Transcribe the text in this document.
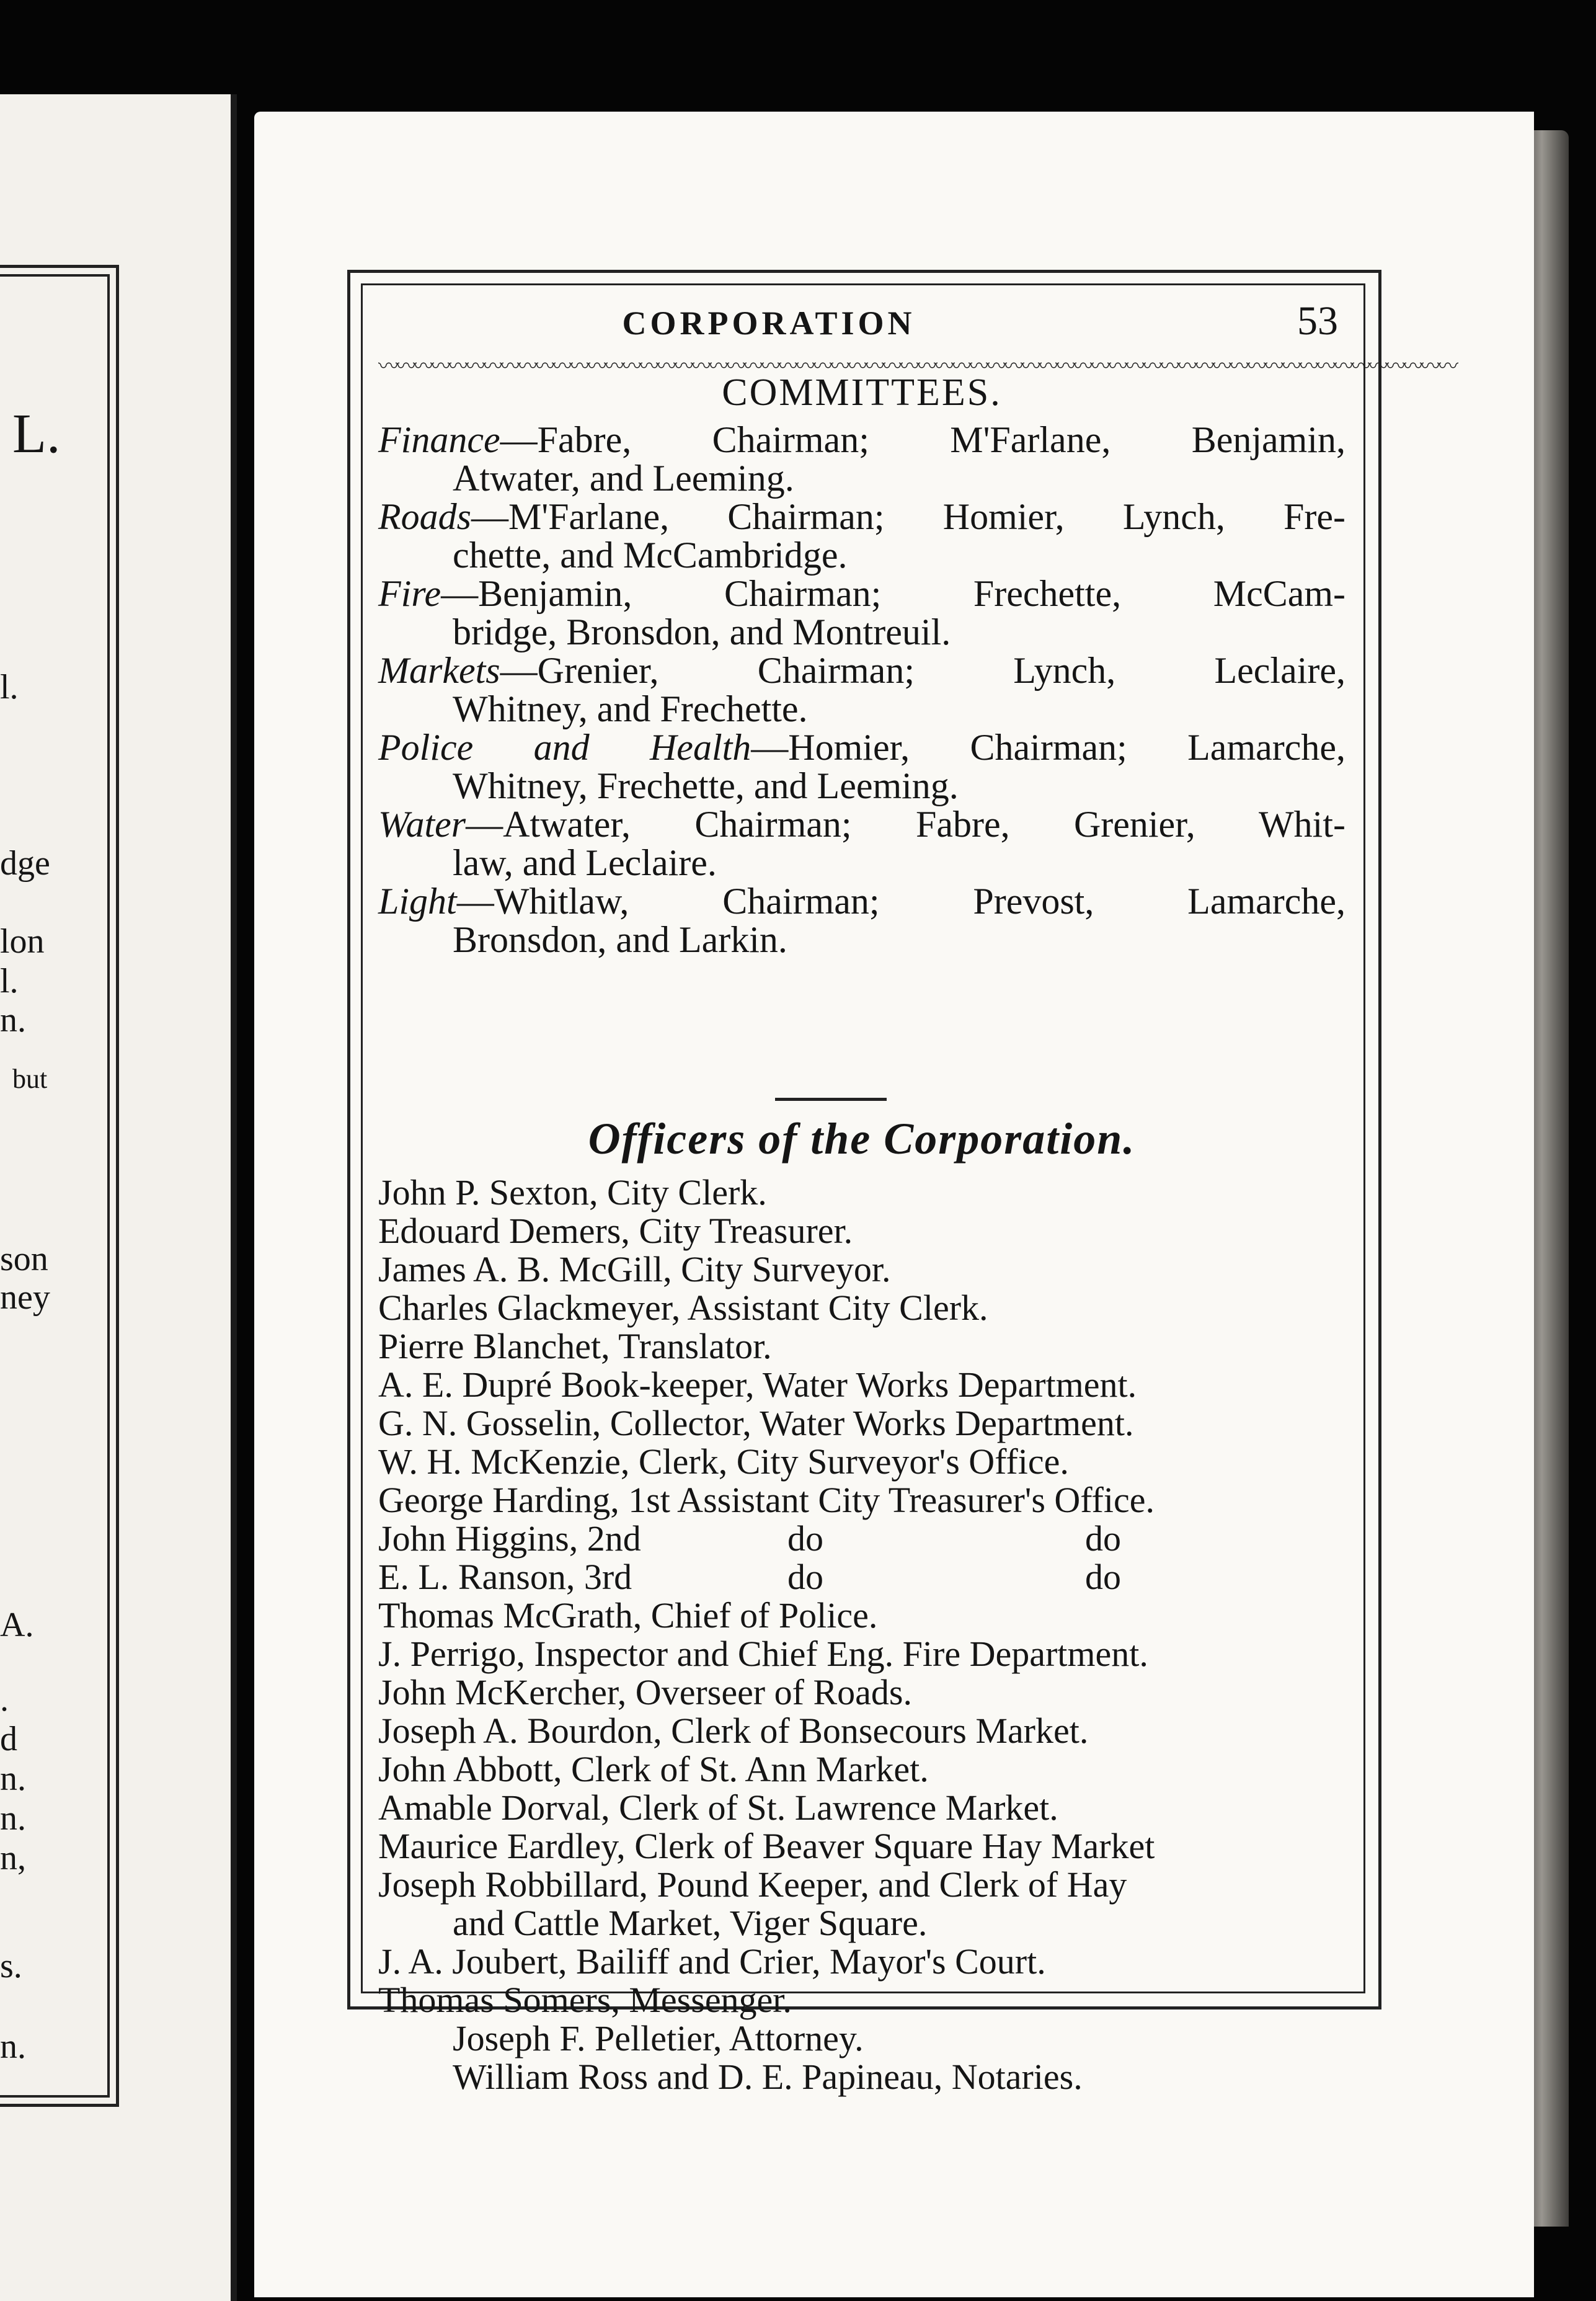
L.
l.
dge
lon
l.
n.
but
son
ney
A.
.
d
n.
n.
n,
s.
n.
CORPORATION	53
〰〰〰〰〰〰〰〰〰〰〰〰〰〰〰〰〰〰〰〰〰〰〰〰〰〰〰〰〰〰〰〰〰〰〰〰〰〰〰〰〰〰〰〰〰〰〰〰〰〰〰〰〰〰〰〰〰〰〰〰〰〰
COMMITTEES.
Finance—Fabre, Chairman; M'Farlane, Benjamin,
Atwater, and Leeming.
Roads—M'Farlane, Chairman; Homier, Lynch, Fre-
chette, and McCambridge.
Fire—Benjamin, Chairman; Frechette, McCam-
bridge, Bronsdon, and Montreuil.
Markets—Grenier, Chairman; Lynch, Leclaire,
Whitney, and Frechette.
Police and Health—Homier, Chairman; Lamarche,
Whitney, Frechette, and Leeming.
Water—Atwater, Chairman; Fabre, Grenier, Whit-
law, and Leclaire.
Light—Whitlaw, Chairman; Prevost, Lamarche,
Bronsdon, and Larkin.
Officers of the Corporation.
John P. Sexton, City Clerk.
Edouard Demers, City Treasurer.
James A. B. McGill, City Surveyor.
Charles Glackmeyer, Assistant City Clerk.
Pierre Blanchet, Translator.
A. E. Dupré Book-keeper, Water Works Department.
G. N. Gosselin, Collector, Water Works Department.
W. H. McKenzie, Clerk, City Surveyor's Office.
George Harding, 1st Assistant City Treasurer's Office.
John Higgins, 2nd	do	do
E. L. Ranson, 3rd	do	do
Thomas McGrath, Chief of Police.
J. Perrigo, Inspector and Chief Eng. Fire Department.
John McKercher, Overseer of Roads.
Joseph A. Bourdon, Clerk of Bonsecours Market.
John Abbott, Clerk of St. Ann Market.
Amable Dorval, Clerk of St. Lawrence Market.
Maurice Eardley, Clerk of Beaver Square Hay Market
Joseph Robbillard, Pound Keeper, and Clerk of Hay
and Cattle Market, Viger Square.
J. A. Joubert, Bailiff and Crier, Mayor's Court.
Thomas Somers, Messenger.
Joseph F. Pelletier, Attorney.
William Ross and D. E. Papineau, Notaries.
